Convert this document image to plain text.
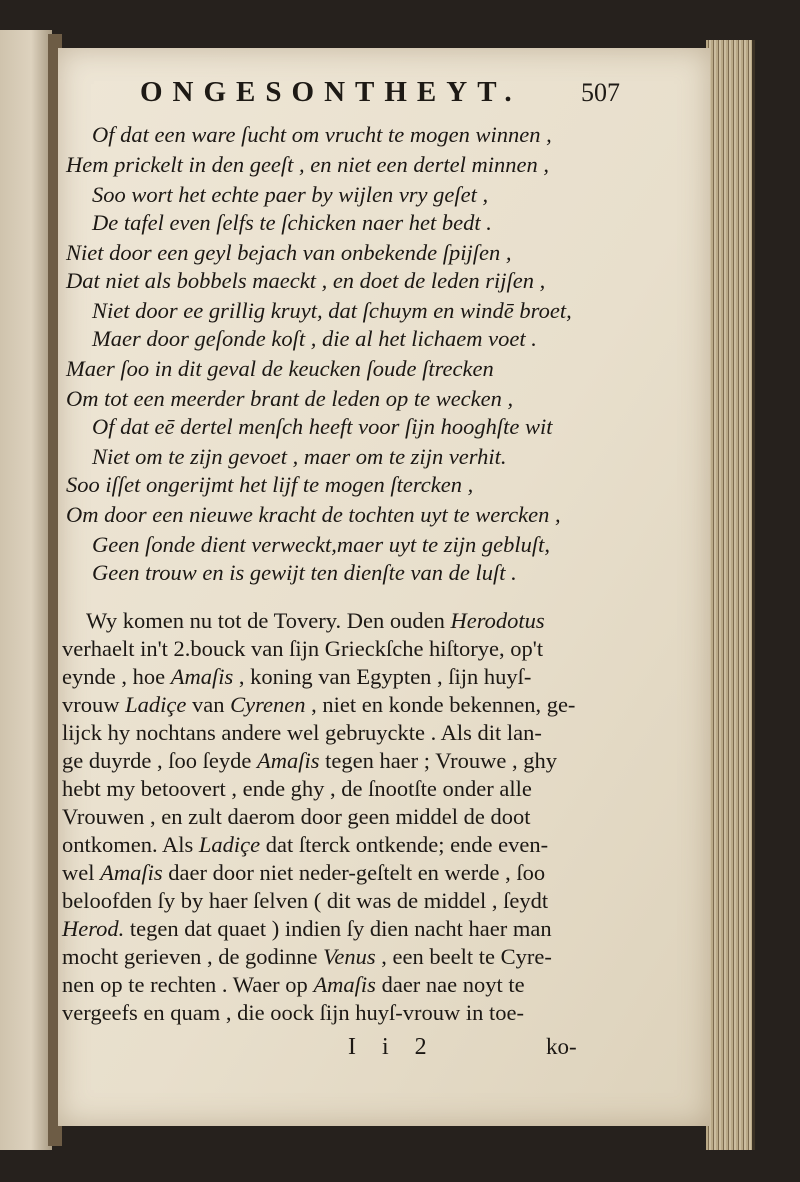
ONGESONTHEYT. 507
Of dat een ware ſucht om vrucht te mogen winnen ,
Hem prickelt in den geeſt , en niet een dertel minnen ,
Soo wort het echte paer by wijlen vry geſet ,
De tafel even ſelfs te ſchicken naer het bedt .
Niet door een geyl bejach van onbekende ſpijſen ,
Dat niet als bobbels maeckt , en doet de leden rijſen ,
Niet door ee grillig kruyt, dat ſchuym en windē broet,
Maer door geſonde koſt , die al het lichaem voet .
Maer ſoo in dit geval de keucken ſoude ſtrecken
Om tot een meerder brant de leden op te wecken ,
Of dat eē dertel menſch heeft voor ſijn hooghſte wit
Niet om te zijn gevoet , maer om te zijn verhit.
Soo iſſet ongerijmt het lijf te mogen ſtercken ,
Om door een nieuwe kracht de tochten uyt te wercken ,
Geen ſonde dient verweckt,maer uyt te zijn gebluſt,
Geen trouw en is gewijt ten dienſte van de luſt .
Wy komen nu tot de Tovery. Den ouden Herodotus
verhaelt in't 2.bouck van ſijn Grieckſche hiſtorye, op't
eynde , hoe Amaſis , koning van Egypten , ſijn huyſ-
vrouw Ladiçe van Cyrenen , niet en konde bekennen, ge-
lijck hy nochtans andere wel gebruyckte . Als dit lan-
ge duyrde , ſoo ſeyde Amaſis tegen haer ; Vrouwe , ghy
hebt my betoovert , ende ghy , de ſnootſte onder alle
Vrouwen , en zult daerom door geen middel de doot
ontkomen. Als Ladiçe dat ſterck ontkende; ende even-
wel Amaſis daer door niet neder-geſtelt en werde , ſoo
beloofden ſy by haer ſelven ( dit was de middel , ſeydt
Herod. tegen dat quaet ) indien ſy dien nacht haer man
mocht gerieven , de godinne Venus , een beelt te Cyre-
nen op te rechten . Waer op Amaſis daer nae noyt te
vergeefs en quam , die oock ſijn huyſ-vrouw in toe-
I i 2	ko-
